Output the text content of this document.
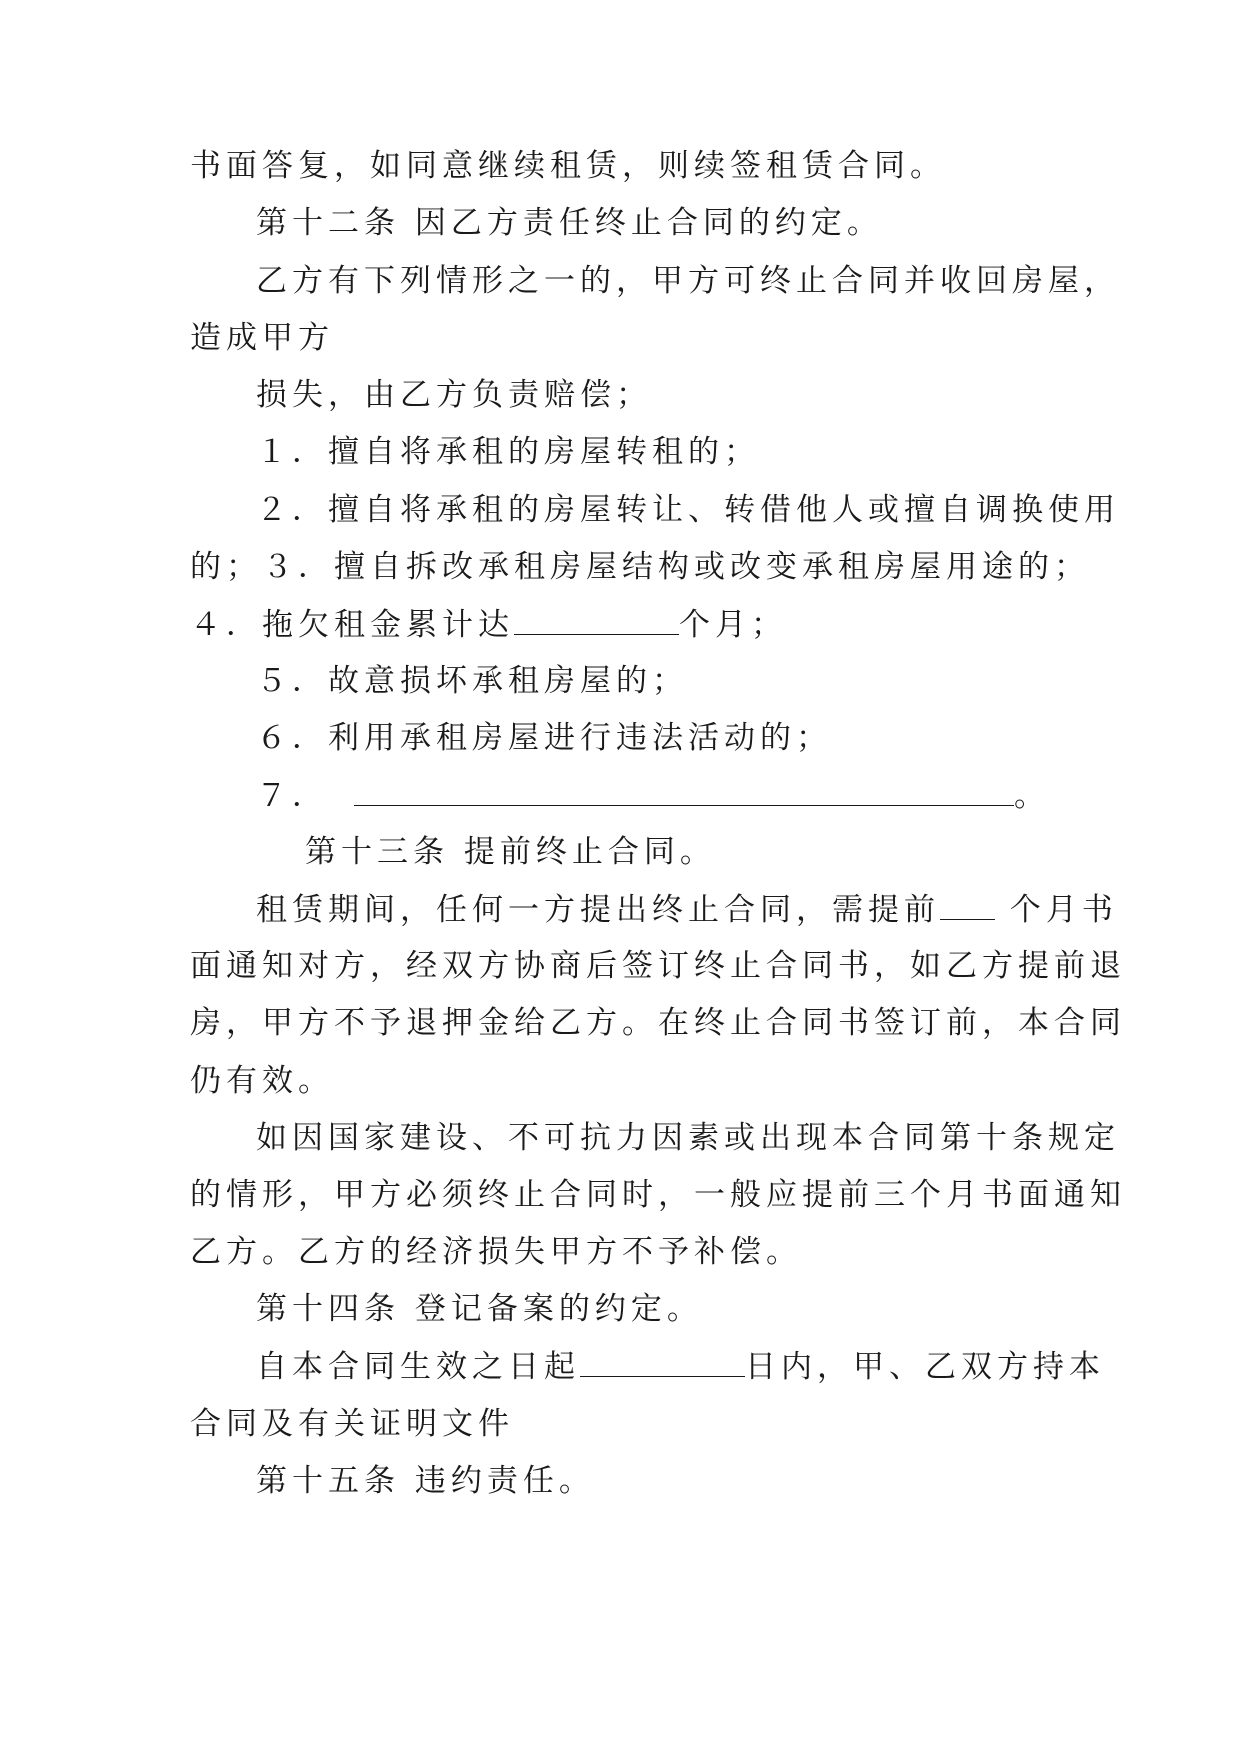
书面答复，如同意继续租赁，则续签租赁合同。
第十二条 因乙方责任终止合同的约定。
乙方有下列情形之一的，甲方可终止合同并收回房屋，
造成甲方
损失，由乙方负责赔偿；
１．擅自将承租的房屋转租的；
２．擅自将承租的房屋转让、转借他人或擅自调换使用
的；３．擅自拆改承租房屋结构或改变承租房屋用途的；
４．拖欠租金累计达	个月；
５．故意损坏承租房屋的；
６．利用承租房屋进行违法活动的；
７．	。
第十三条 提前终止合同。
租赁期间，任何一方提出终止合同，需提前 个月书
面通知对方，经双方协商后签订终止合同书，如乙方提前退
房，甲方不予退押金给乙方。在终止合同书签订前，本合同
仍有效。
如因国家建设、不可抗力因素或出现本合同第十条规定
的情形，甲方必须终止合同时，一般应提前三个月书面通知
乙方。乙方的经济损失甲方不予补偿。
第十四条 登记备案的约定。
自本合同生效之日起	日内，甲、乙双方持本
合同及有关证明文件
第十五条 违约责任。
